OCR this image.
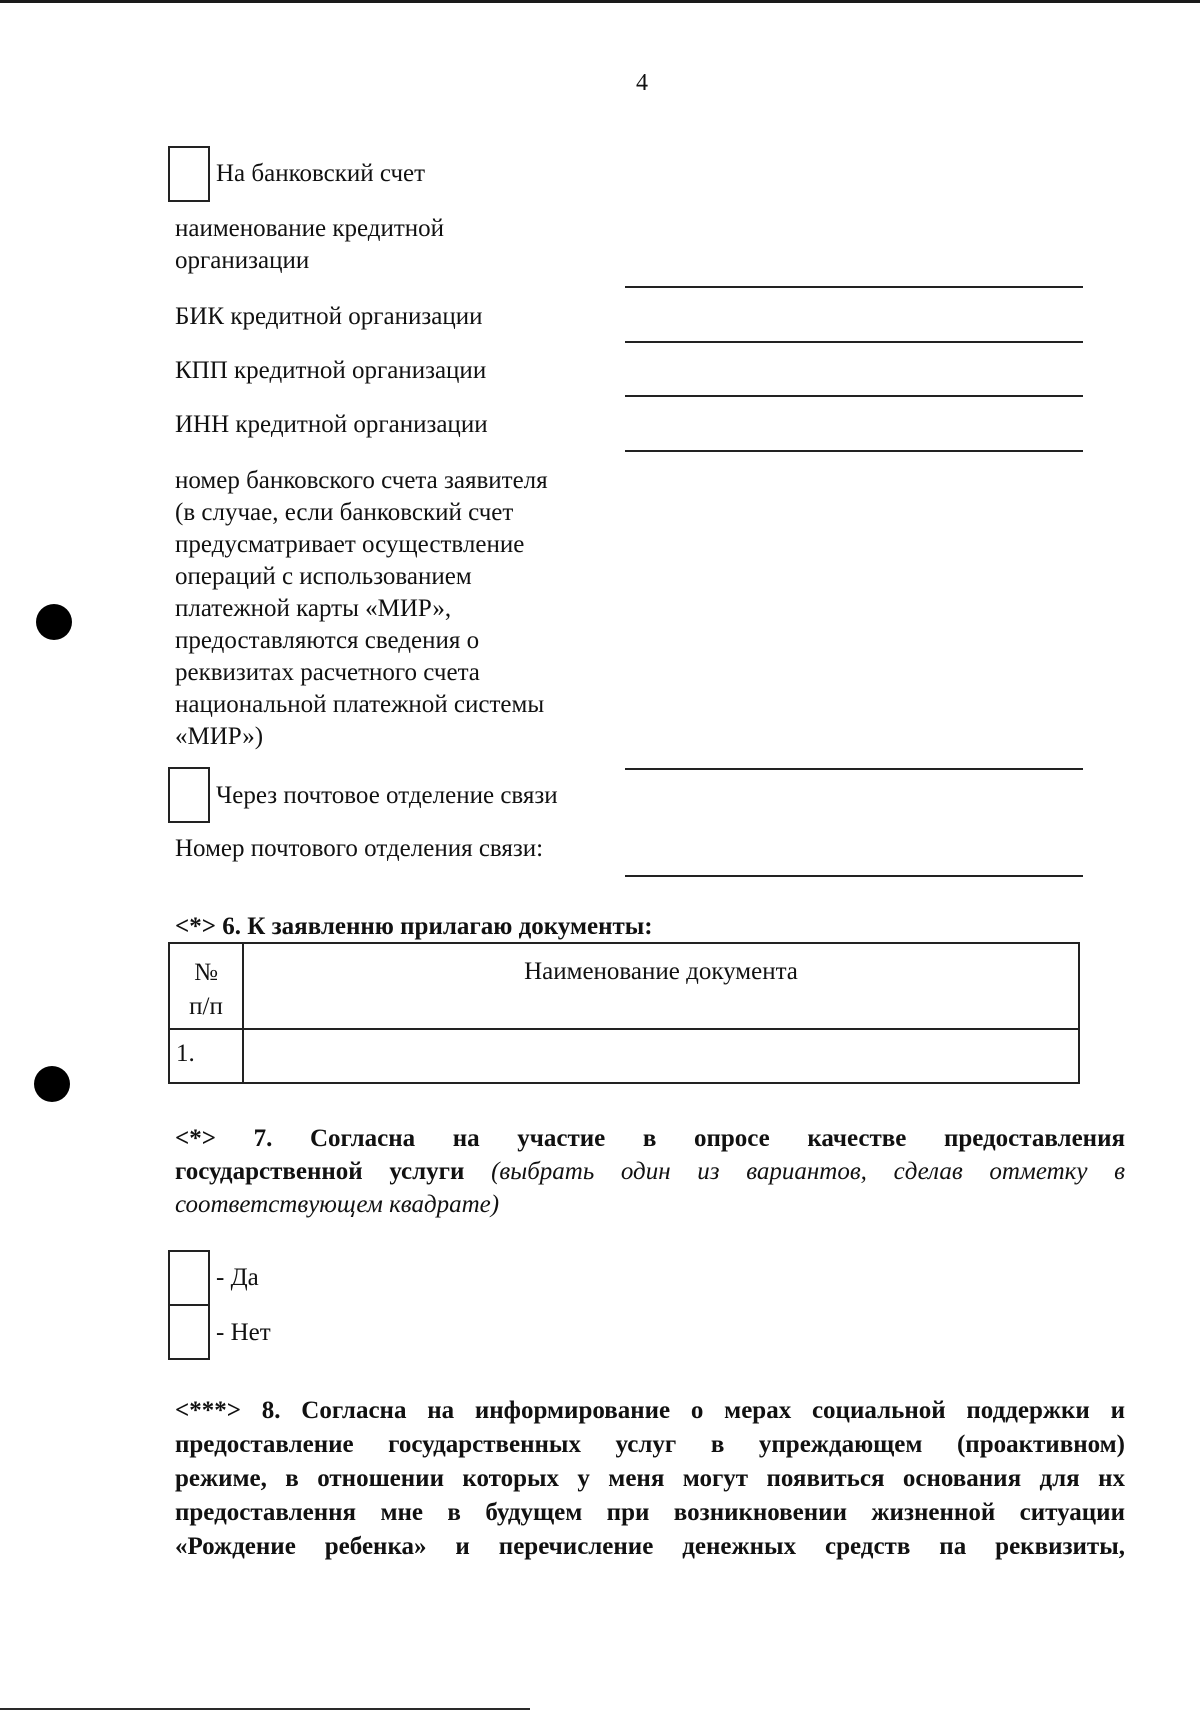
4
На банковский счет
наименование кредитной
организации
БИК кредитной организации
КПП кредитной организации
ИНН кредитной организации
номер банковского счета заявителя
(в случае, если банковский счет
предусматривает осуществление
операций с использованием
платежной карты «МИР»,
предоставляются сведения о
реквизитах расчетного счета
национальной платежной системы
«МИР»)
Через почтовое отделение связи
Номер почтового отделения связи:
<*> 6. К заявленню прилагаю документы:
№
п/п	Наименование документа
1.	
<*> 7. Согласна на участие в опросе качестве предоставления
государственной услуги (выбрать один из вариантов, сделав отметку в
соответствующем квадрате)
- Да
- Нет
<***> 8. Согласна на информирование о мерах социальной поддержки и
предоставление государственных услуг в упреждающем (проактивном)
режиме, в отношении которых у меня могут появиться основания для нх
предоставлення мне в будущем при возникновении жизненной ситуации
«Рождение ребенка» и перечисление денежных средств па реквизиты,
